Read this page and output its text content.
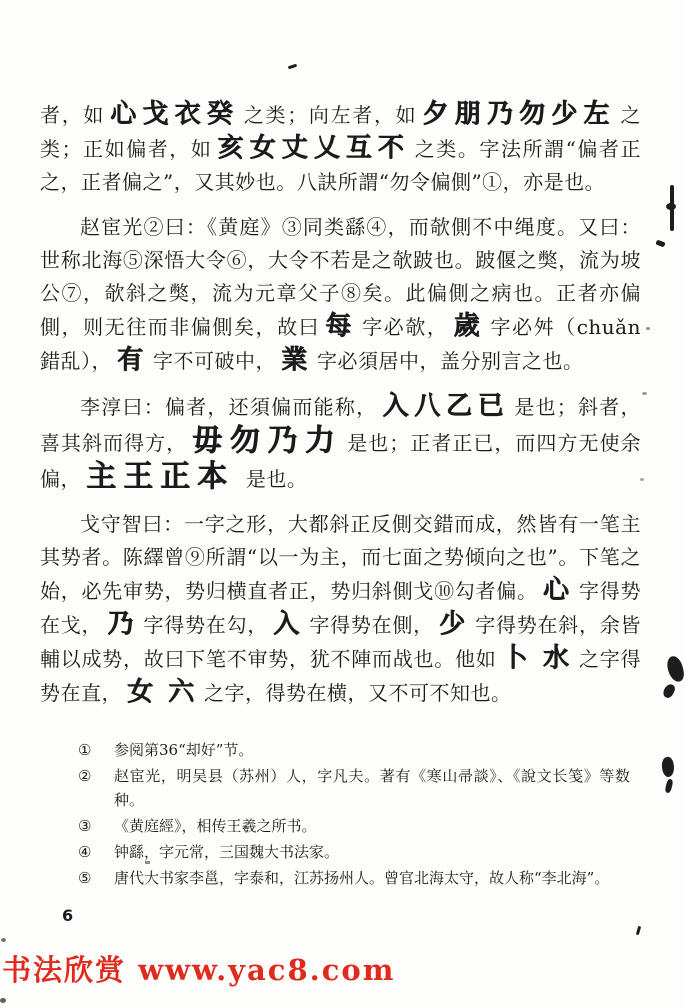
者，如 心戈衣癸 之类；向左者，如 夕朋乃勿少左 之类；正如偏者，如 亥女丈乂互不 之类。字法所謂“偏者正之，正者偏之”，又其妙也。八訣所謂“勿令偏側”①，亦是也。

赵宦光②曰：《黄庭》③同类繇④，而欹側不中绳度。又曰：世称北海⑤深悟大令⑥，大令不若是之欹跛也。跛偃之獘，流为坡公⑦，欹斜之獘，流为元章父子⑧矣。此偏側之病也。正者亦偏側，则无往而非偏側矣，故曰 每 字必欹， 歲 字必舛（chuǎn 錯乱）， 有 字不可破中， 業 字必須居中，盖分别言之也。

李淳曰：偏者，还須偏而能称， 入八乙已 是也；斜者，喜其斜而得方， 毋勿乃力 是也；正者正已，而四方无使余偏， 主王正本 是也。

戈守智曰：一字之形，大都斜正反側交錯而成，然皆有一笔主其势者。陈繹曾⑨所謂“以一为主，而七面之势倾向之也”。下笔之始，必先审势，势归横直者正，势归斜側戈⑩勾者偏。 心 字得势在戈， 乃 字得势在勾， 入 字得势在側， 少 字得势在斜，余皆輔以成势，故曰下笔不审势，犹不陣而战也。他如 卜 水 之字得势在直， 女 六 之字，得势在横，又不可不知也。

①	参阅第36“却好”节。
②	赵宦光，明吴县（苏州）人，字凡夫。著有《寒山帚談》、《說文长笺》等数种。
③	《黄庭經》，相传王羲之所书。
④	钟繇，字元常，三国魏大书法家。
⑤	唐代大书家李邕，字泰和，江苏扬州人。曾官北海太守，故人称“李北海”。
6
书法欣赏 www.yac8.com
